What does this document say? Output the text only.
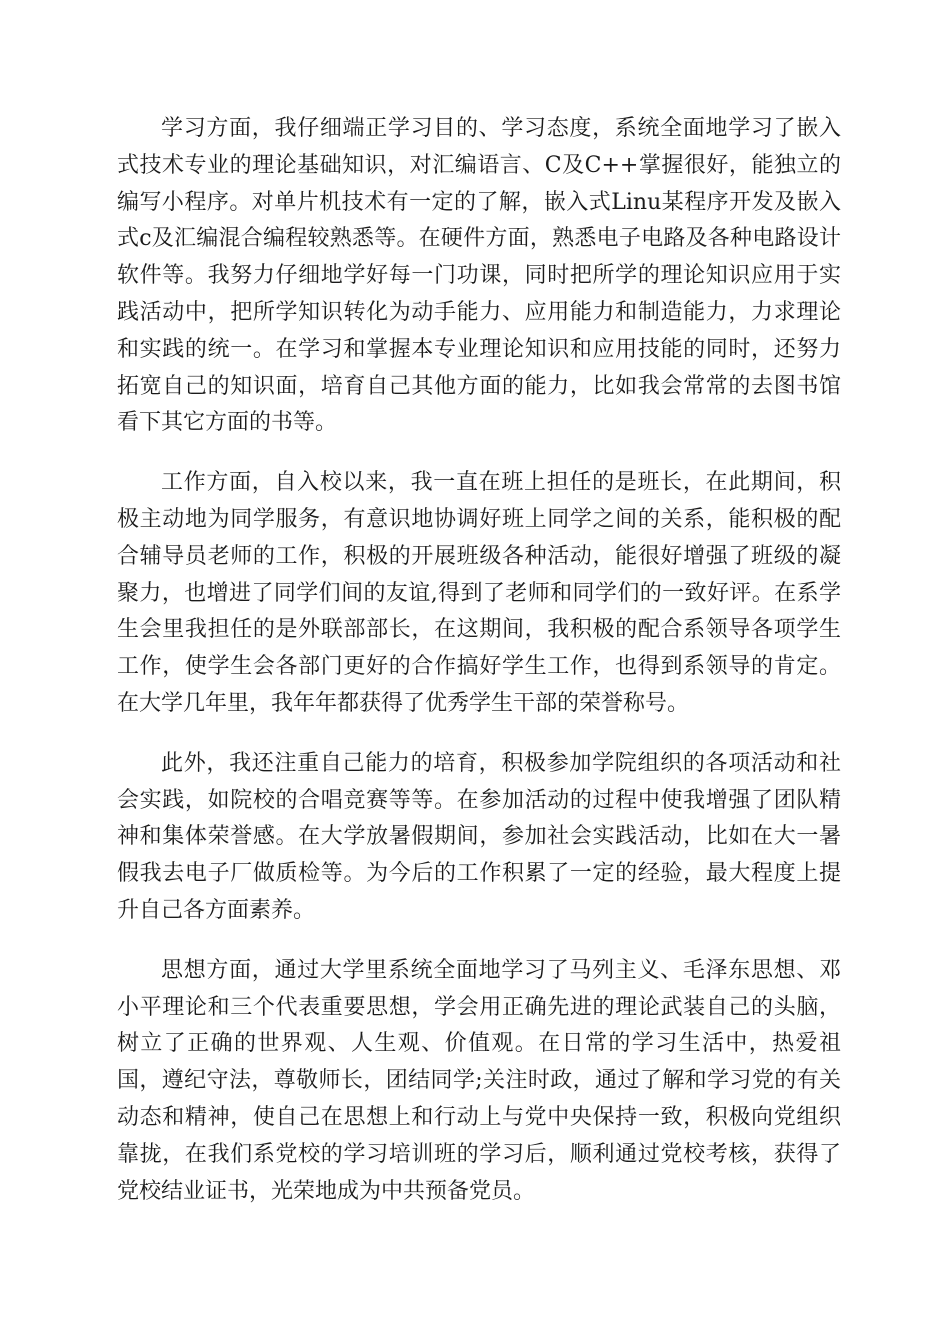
学习方面，我仔细端正学习目的、学习态度，系统全面地学习了嵌入式技术专业的理论基础知识，对汇编语言、C及C++掌握很好，能独立的编写小程序。对单片机技术有一定的了解，嵌入式Linu某程序开发及嵌入式c及汇编混合编程较熟悉等。在硬件方面，熟悉电子电路及各种电路设计软件等。我努力仔细地学好每一门功课，同时把所学的理论知识应用于实践活动中，把所学知识转化为动手能力、应用能力和制造能力，力求理论和实践的统一。在学习和掌握本专业理论知识和应用技能的同时，还努力拓宽自己的知识面，培育自己其他方面的能力，比如我会常常的去图书馆看下其它方面的书等。

工作方面，自入校以来，我一直在班上担任的是班长，在此期间，积极主动地为同学服务，有意识地协调好班上同学之间的关系，能积极的配合辅导员老师的工作，积极的开展班级各种活动，能很好增强了班级的凝聚力，也增进了同学们间的友谊,得到了老师和同学们的一致好评。在系学生会里我担任的是外联部部长，在这期间，我积极的配合系领导各项学生工作，使学生会各部门更好的合作搞好学生工作，也得到系领导的肯定。在大学几年里，我年年都获得了优秀学生干部的荣誉称号。

此外，我还注重自己能力的培育，积极参加学院组织的各项活动和社会实践，如院校的合唱竞赛等等。在参加活动的过程中使我增强了团队精神和集体荣誉感。在大学放暑假期间，参加社会实践活动，比如在大一暑假我去电子厂做质检等。为今后的工作积累了一定的经验，最大程度上提升自己各方面素养。

思想方面，通过大学里系统全面地学习了马列主义、毛泽东思想、邓小平理论和三个代表重要思想，学会用正确先进的理论武装自己的头脑，树立了正确的世界观、人生观、价值观。在日常的学习生活中，热爱祖国，遵纪守法，尊敬师长，团结同学;关注时政，通过了解和学习党的有关动态和精神，使自己在思想上和行动上与党中央保持一致，积极向党组织靠拢，在我们系党校的学习培训班的学习后，顺利通过党校考核，获得了党校结业证书，光荣地成为中共预备党员。
